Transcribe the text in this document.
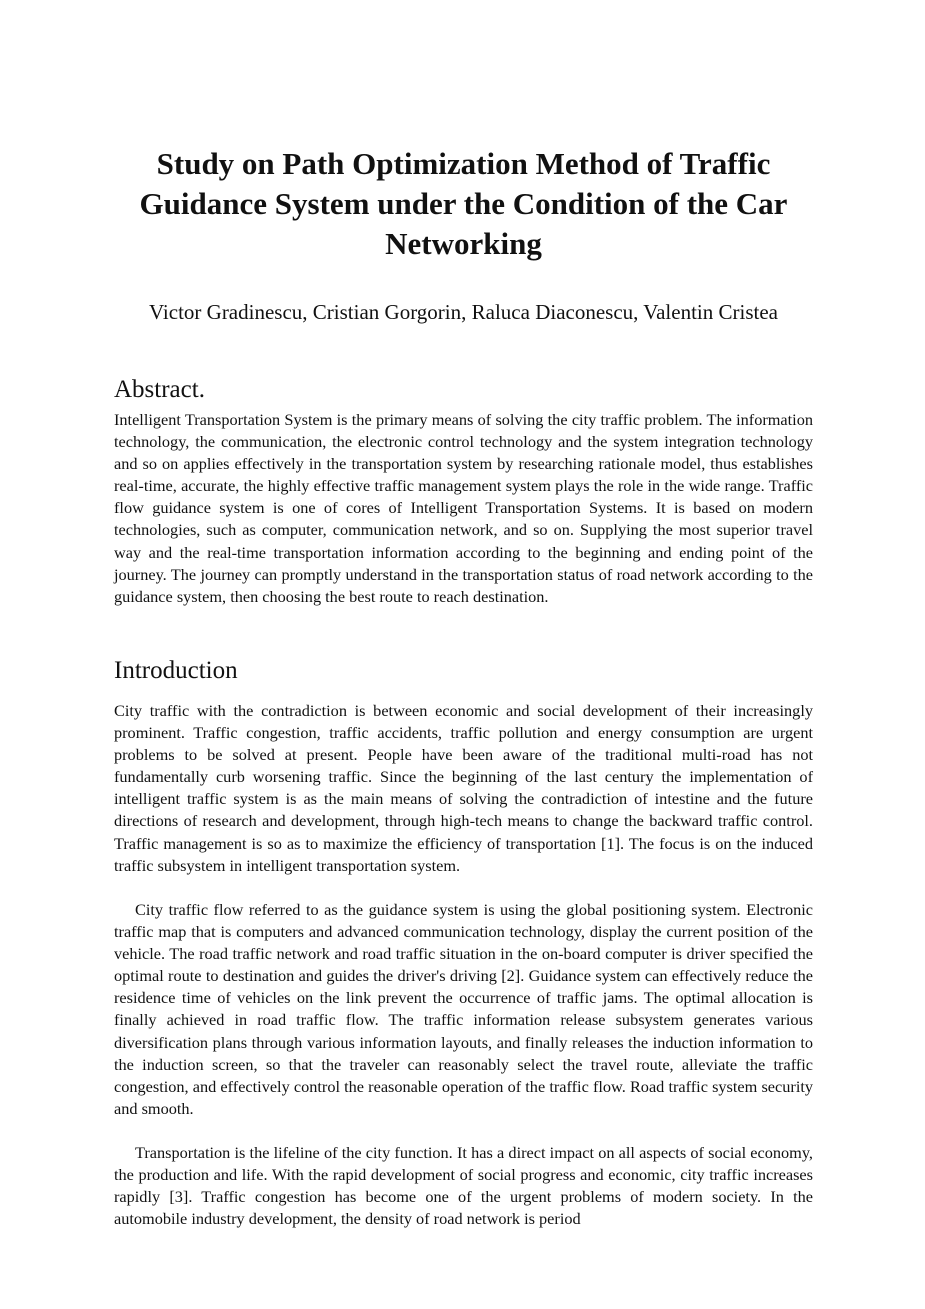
Study on Path Optimization Method of Traffic Guidance System under the Condition of the Car Networking

Victor Gradinescu, Cristian Gorgorin, Raluca Diaconescu, Valentin Cristea

Abstract.

Intelligent Transportation System is the primary means of solving the city traffic problem. The information technology, the communication, the electronic control technology and the system integration technology and so on applies effectively in the transportation system by researching rationale model, thus establishes real-time, accurate, the highly effective traffic management system plays the role in the wide range. Traffic flow guidance system is one of cores of Intelligent Transportation Systems. It is based on modern technologies, such as computer, communication network, and so on. Supplying the most superior travel way and the real-time transportation information according to the beginning and ending point of the journey. The journey can promptly understand in the transportation status of road network according to the guidance system, then choosing the best route to reach destination.

Introduction

City traffic with the contradiction is between economic and social development of their increasingly prominent. Traffic congestion, traffic accidents, traffic pollution and energy consumption are urgent problems to be solved at present. People have been aware of the traditional multi-road has not fundamentally curb worsening traffic. Since the beginning of the last century the implementation of intelligent traffic system is as the main means of solving the contradiction of intestine and the future directions of research and development, through high-tech means to change the backward traffic control. Traffic management is so as to maximize the efficiency of transportation [1]. The focus is on the induced traffic subsystem in intelligent transportation system.

City traffic flow referred to as the guidance system is using the global positioning system. Electronic traffic map that is computers and advanced communication technology, display the current position of the vehicle. The road traffic network and road traffic situation in the on-board computer is driver specified the optimal route to destination and guides the driver's driving [2]. Guidance system can effectively reduce the residence time of vehicles on the link prevent the occurrence of traffic jams. The optimal allocation is finally achieved in road traffic flow. The traffic information release subsystem generates various diversification plans through various information layouts, and finally releases the induction information to the induction screen, so that the traveler can reasonably select the travel route, alleviate the traffic congestion, and effectively control the reasonable operation of the traffic flow. Road traffic system security and smooth.

Transportation is the lifeline of the city function. It has a direct impact on all aspects of social economy, the production and life. With the rapid development of social progress and economic, city traffic increases rapidly [3]. Traffic congestion has become one of the urgent problems of modern society. In the automobile industry development, the density of road network is period
